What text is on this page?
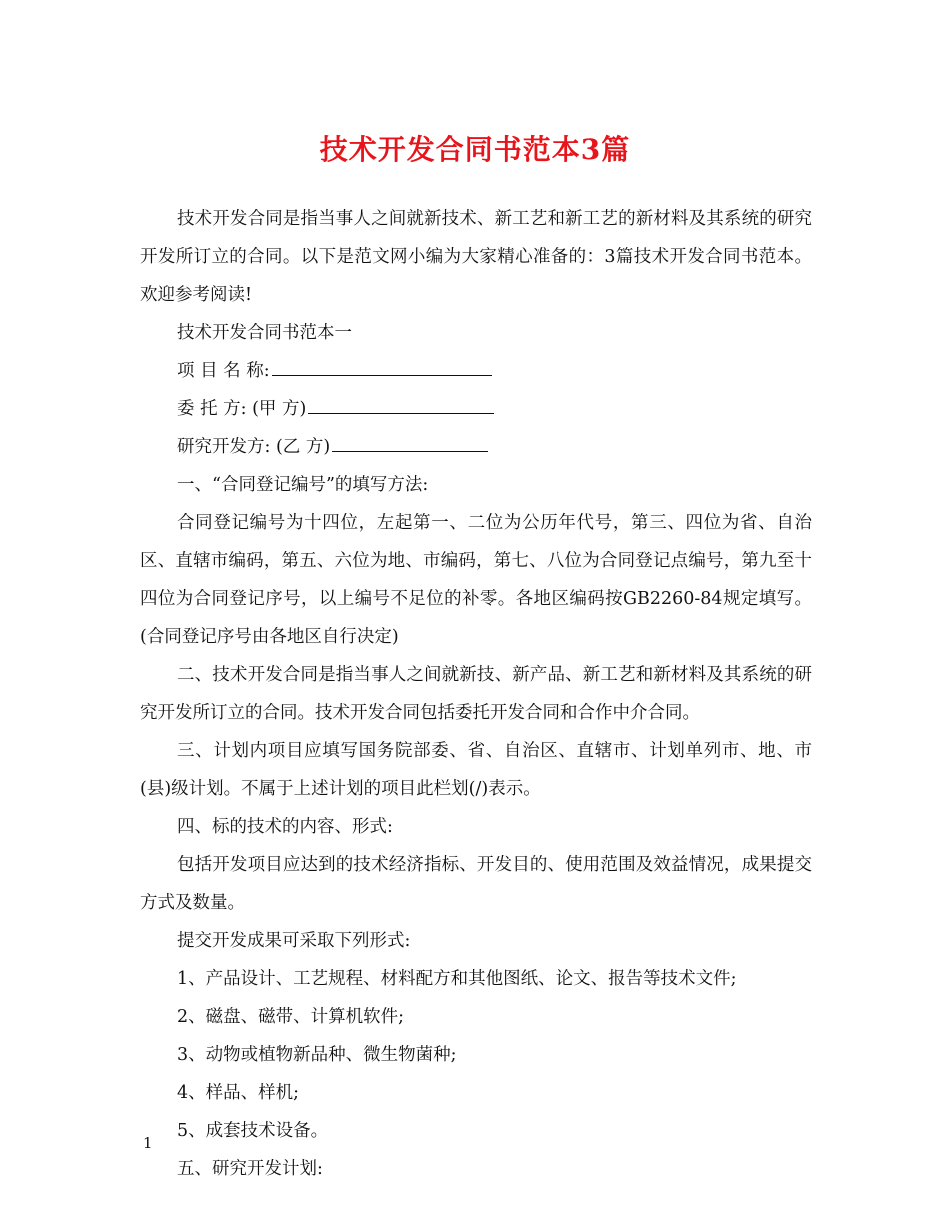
技术开发合同书范本3篇

技术开发合同是指当事人之间就新技术、新工艺和新工艺的新材料及其系统的研究开发所订立的合同。以下是范文网小编为大家精心准备的：3篇技术开发合同书范本。欢迎参考阅读!

技术开发合同书范本一

项 目 名 称:

委 托 方: (甲 方)

研究开发方: (乙 方)

一、“合同登记编号”的填写方法:

合同登记编号为十四位，左起第一、二位为公历年代号，第三、四位为省、自治区、直辖市编码，第五、六位为地、市编码，第七、八位为合同登记点编号，第九至十四位为合同登记序号，以上编号不足位的补零。各地区编码按GB2260-84规定填写。(合同登记序号由各地区自行决定)

二、技术开发合同是指当事人之间就新技、新产品、新工艺和新材料及其系统的研究开发所订立的合同。技术开发合同包括委托开发合同和合作中介合同。

三、计划内项目应填写国务院部委、省、自治区、直辖市、计划单列市、地、市(县)级计划。不属于上述计划的项目此栏划(/)表示。

四、标的技术的内容、形式:

包括开发项目应达到的技术经济指标、开发目的、使用范围及效益情况，成果提交方式及数量。

提交开发成果可采取下列形式:

1、产品设计、工艺规程、材料配方和其他图纸、论文、报告等技术文件;

2、磁盘、磁带、计算机软件;

3、动物或植物新品种、微生物菌种;

4、样品、样机;

5、成套技术设备。

五、研究开发计划:

1
